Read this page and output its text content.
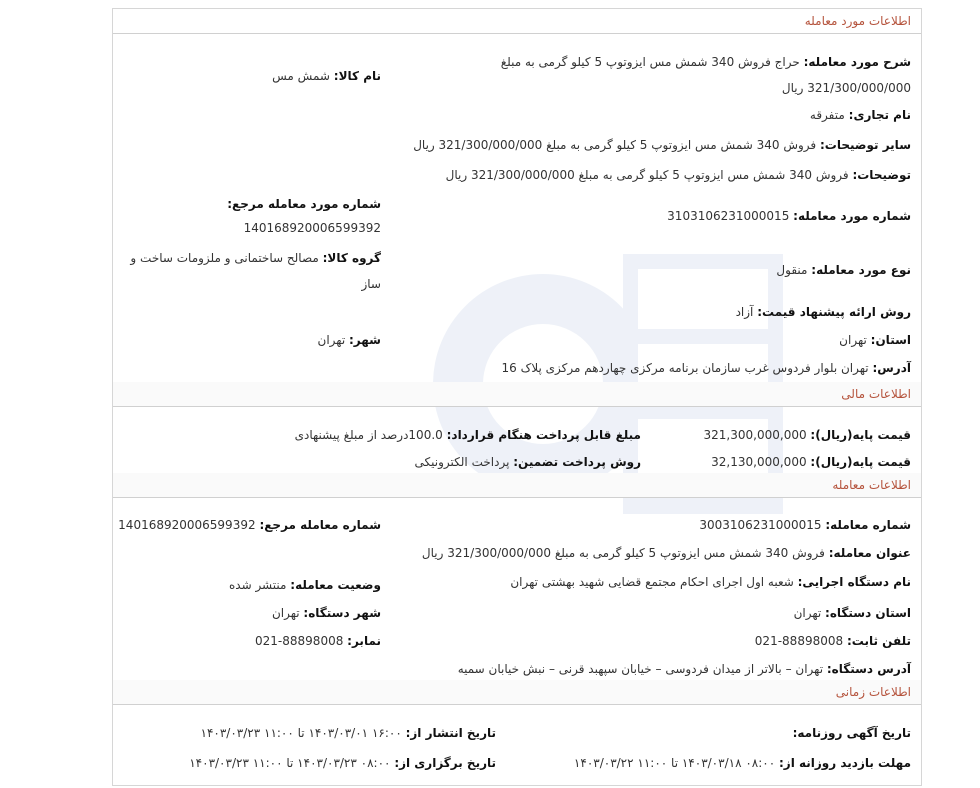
اطلاعات مورد معامله
شرح مورد معامله: حراج فروش 340 شمش مس ایزوتوپ 5 کیلو گرمی به مبلغ
321/300/000/000 ریال
نام کالا: شمش مس
نام تجاری: متفرقه
سایر توضیحات: فروش 340 شمش مس ایزوتوپ 5 کیلو گرمی به مبلغ 321/300/000/000 ریال
توضیحات: فروش 340 شمش مس ایزوتوپ 5 کیلو گرمی به مبلغ 321/300/000/000 ریال
شماره مورد معامله مرجع:
140168920006599392
شماره مورد معامله: 3103106231000015
گروه کالا: مصالح ساختمانی و ملزومات ساخت و
ساز
نوع مورد معامله: منقول
روش ارائه پیشنهاد قیمت: آزاد
استان: تهران
شهر: تهران
آدرس: تهران بلوار فردوس غرب سازمان برنامه مرکزی چهاردهم مرکزی پلاک 16
اطلاعات مالی
قیمت پایه(ریال): 321,300,000,000
مبلغ قابل پرداخت هنگام قرارداد: 100.0درصد از مبلغ پیشنهادی
قیمت پایه(ریال): 32,130,000,000
روش پرداخت تضمین: پرداخت الکترونیکی
اطلاعات معامله
شماره معامله: 3003106231000015
شماره معامله مرجع: 140168920006599392
عنوان معامله: فروش 340 شمش مس ایزوتوپ 5 کیلو گرمی به مبلغ 321/300/000/000 ریال
نام دستگاه اجرایی: شعبه اول اجرای احکام مجتمع قضایی شهید بهشتی تهران
وضعیت معامله: منتشر شده
استان دستگاه: تهران
شهر دستگاه: تهران
تلفن ثابت: 88898008-021
نمابر: 88898008-021
آدرس دستگاه: تهران – بالاتر از میدان فردوسی – خیابان سپهبد قرنی – نبش خیابان سمیه
اطلاعات زمانی
تاریخ آگهی روزنامه:
تاریخ انتشار از: ۱۶:۰۰ ۱۴۰۳/۰۳/۰۱ تا ۱۱:۰۰ ۱۴۰۳/۰۳/۲۳
مهلت بازدید روزانه از: ۰۸:۰۰ ۱۴۰۳/۰۳/۱۸ تا ۱۱:۰۰ ۱۴۰۳/۰۳/۲۲
تاریخ برگزاری از: ۰۸:۰۰ ۱۴۰۳/۰۳/۲۳ تا ۱۱:۰۰ ۱۴۰۳/۰۳/۲۳
